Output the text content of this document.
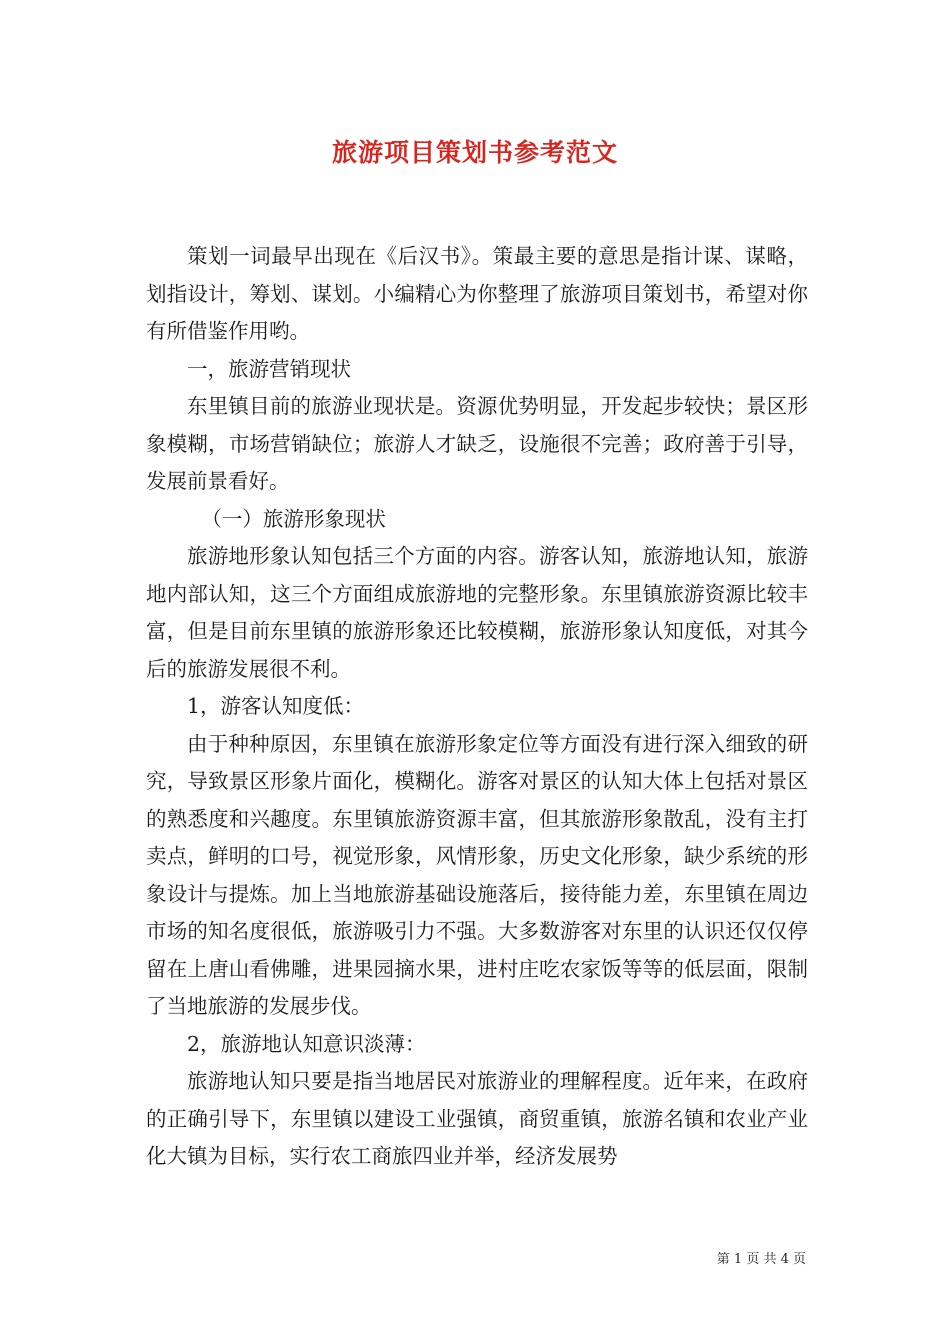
旅游项目策划书参考范文

策划一词最早出现在《后汉书》。策最主要的意思是指计谋、谋略，划指设计，筹划、谋划。小编精心为你整理了旅游项目策划书，希望对你有所借鉴作用哟。

一，旅游营销现状

东里镇目前的旅游业现状是。资源优势明显，开发起步较快；景区形象模糊，市场营销缺位；旅游人才缺乏，设施很不完善；政府善于引导，发展前景看好。

（一）旅游形象现状

旅游地形象认知包括三个方面的内容。游客认知，旅游地认知，旅游地内部认知，这三个方面组成旅游地的完整形象。东里镇旅游资源比较丰富，但是目前东里镇的旅游形象还比较模糊，旅游形象认知度低，对其今后的旅游发展很不利。

1，游客认知度低：

由于种种原因，东里镇在旅游形象定位等方面没有进行深入细致的研究，导致景区形象片面化，模糊化。游客对景区的认知大体上包括对景区的熟悉度和兴趣度。东里镇旅游资源丰富，但其旅游形象散乱，没有主打卖点，鲜明的口号，视觉形象，风情形象，历史文化形象，缺少系统的形象设计与提炼。加上当地旅游基础设施落后，接待能力差，东里镇在周边市场的知名度很低，旅游吸引力不强。大多数游客对东里的认识还仅仅停留在上唐山看佛雕，进果园摘水果，进村庄吃农家饭等等的低层面，限制了当地旅游的发展步伐。

2，旅游地认知意识淡薄：

旅游地认知只要是指当地居民对旅游业的理解程度。近年来，在政府的正确引导下，东里镇以建设工业强镇，商贸重镇，旅游名镇和农业产业化大镇为目标，实行农工商旅四业并举，经济发展势

第 1 页 共 4 页
